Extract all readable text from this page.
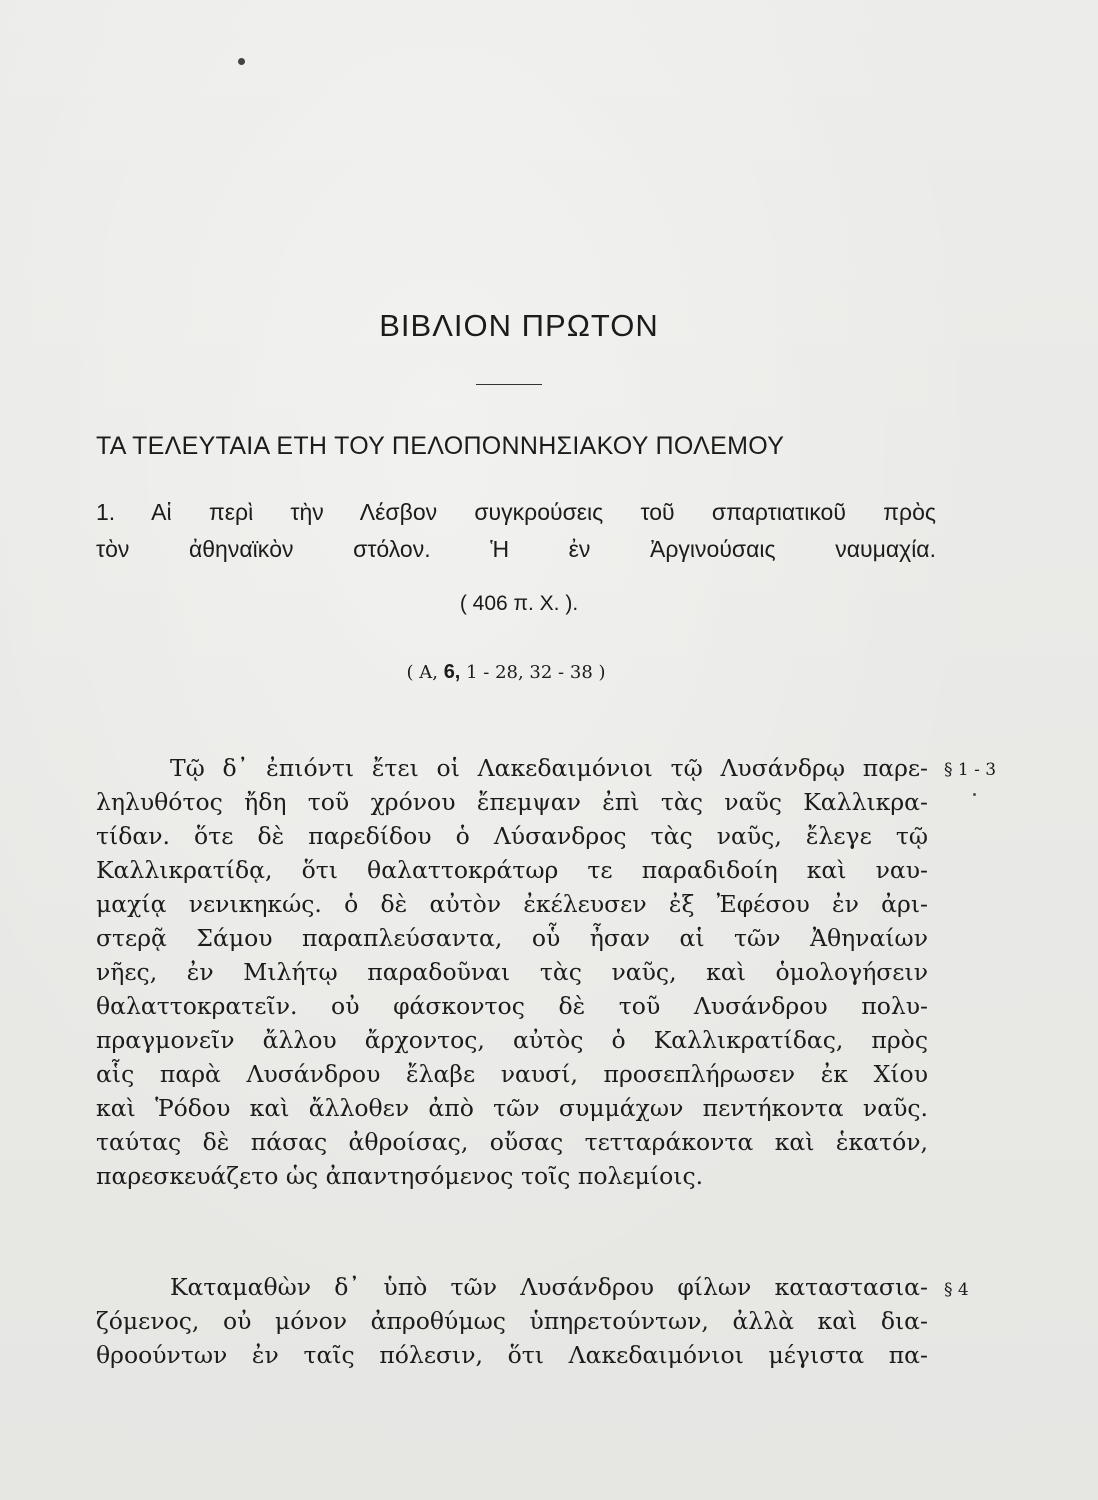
ΒΙΒΛΙΟΝ ΠΡΩΤΟΝ
ΤΑ ΤΕΛΕΥΤΑΙΑ ΕΤΗ ΤΟΥ ΠΕΛΟΠΟΝΝΗΣΙΑΚΟΥ ΠΟΛΕΜΟΥ
1. Αἱ περὶ τὴν Λέσβον συγκρούσεις τοῦ σπαρτιατικοῦ πρὸς
τὸν ἀθηναϊκὸν στόλον. Ἡ ἐν Ἀργινούσαις ναυμαχία.
( 406 π. Χ. ).
( Α, 6, 1 - 28, 32 - 38 )
Τῷ δ᾽ ἐπιόντι ἔτει οἱ Λακεδαιμόνιοι τῷ Λυσάνδρῳ παρε-
ληλυθότος ἤδη τοῦ χρόνου ἔπεμψαν ἐπὶ τὰς ναῦς Καλλικρα-
τίδαν. ὅτε δὲ παρεδίδου ὁ Λύσανδρος τὰς ναῦς, ἔλεγε τῷ
Καλλικρατίδᾳ, ὅτι θαλαττοκράτωρ τε παραδιδοίη καὶ ναυ-
μαχίᾳ νενικηκώς. ὁ δὲ αὐτὸν ἐκέλευσεν ἐξ Ἐφέσου ἐν ἀρι-
στερᾷ Σάμου παραπλεύσαντα, οὗ ἦσαν αἱ τῶν Ἀθηναίων
νῆες, ἐν Μιλήτῳ παραδοῦναι τὰς ναῦς, καὶ ὁμολογήσειν
θαλαττοκρατεῖν. οὐ φάσκοντος δὲ τοῦ Λυσάνδρου πολυ-
πραγμονεῖν ἄλλου ἄρχοντος, αὐτὸς ὁ Καλλικρατίδας, πρὸς
αἷς παρὰ Λυσάνδρου ἔλαβε ναυσί, προσεπλήρωσεν ἐκ Χίου
καὶ Ῥόδου καὶ ἄλλοθεν ἀπὸ τῶν συμμάχων πεντήκοντα ναῦς.
ταύτας δὲ πάσας ἀθροίσας, οὔσας τετταράκοντα καὶ ἑκατόν,
παρεσκευάζετο ὡς ἀπαντησόμενος τοῖς πολεμίοις.
§ 1 - 3
Καταμαθὼν δ᾽ ὑπὸ τῶν Λυσάνδρου φίλων καταστασια-
ζόμενος, οὐ μόνον ἀπροθύμως ὑπηρετούντων, ἀλλὰ καὶ δια-
θροούντων ἐν ταῖς πόλεσιν, ὅτι Λακεδαιμόνιοι μέγιστα πα-
§ 4
